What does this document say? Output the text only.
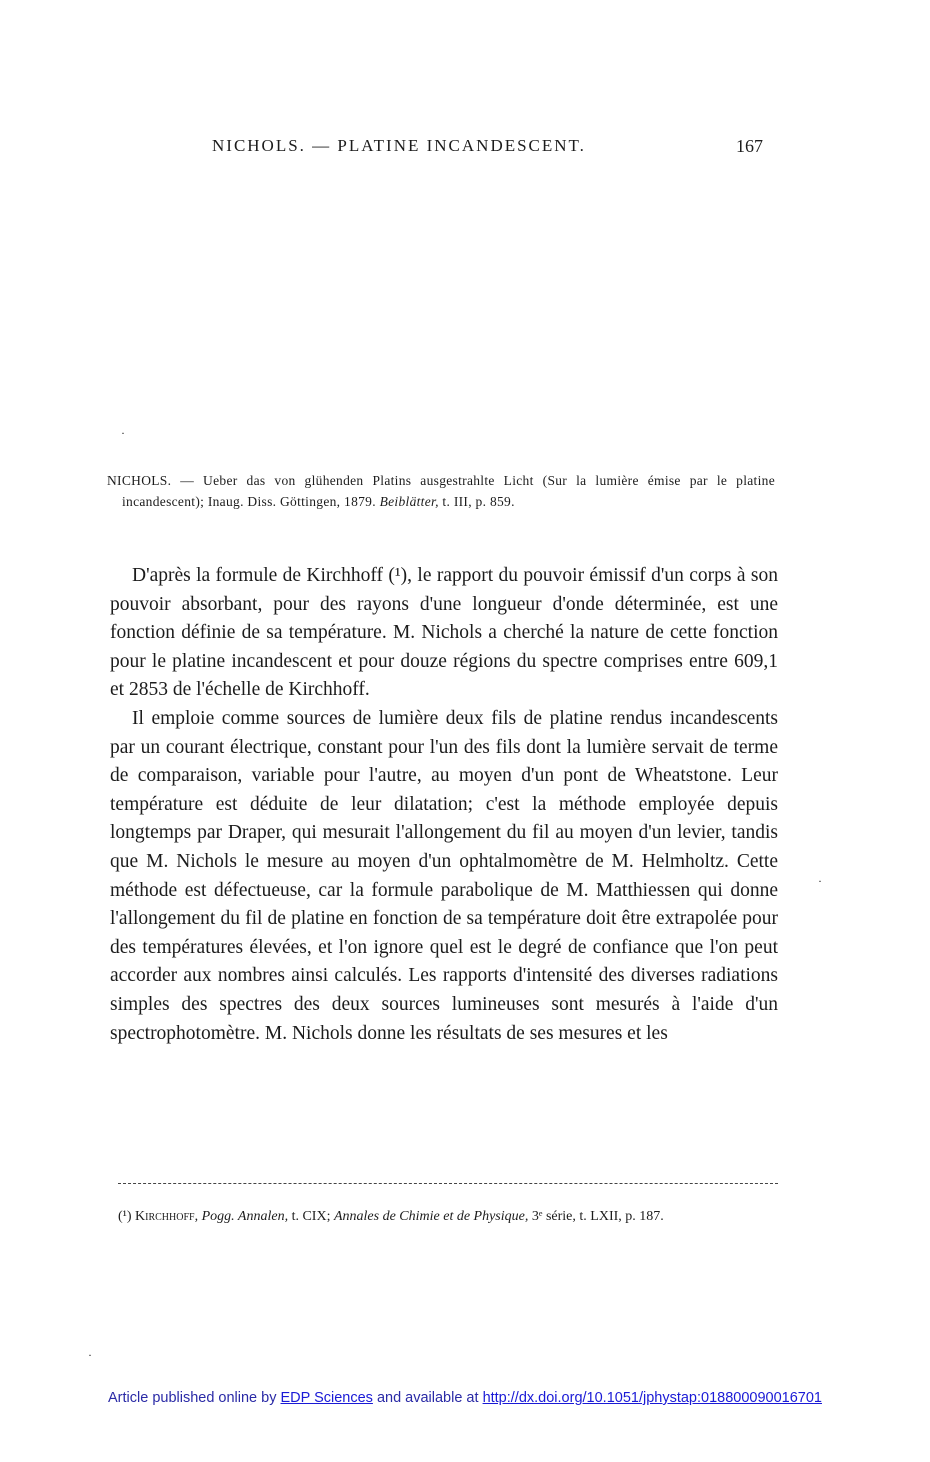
NICHOLS. — PLATINE INCANDESCENT.	167
·
NICHOLS. — Ueber das von glühenden Platins ausgestrahlte Licht (Sur la lumière émise par le platine incandescent); Inaug. Diss. Göttingen, 1879. Beiblätter, t. III, p. 859.

D'après la formule de Kirchhoff (¹), le rapport du pouvoir émissif d'un corps à son pouvoir absorbant, pour des rayons d'une longueur d'onde déterminée, est une fonction définie de sa température. M. Nichols a cherché la nature de cette fonction pour le platine incandescent et pour douze régions du spectre comprises entre 609,1 et 2853 de l'échelle de Kirchhoff.

Il emploie comme sources de lumière deux fils de platine rendus incandescents par un courant électrique, constant pour l'un des fils dont la lumière servait de terme de comparaison, variable pour l'autre, au moyen d'un pont de Wheatstone. Leur température est déduite de leur dilatation; c'est la méthode employée depuis longtemps par Draper, qui mesurait l'allongement du fil au moyen d'un levier, tandis que M. Nichols le mesure au moyen d'un ophtalmomètre de M. Helmholtz. Cette méthode est défectueuse, car la formule parabolique de M. Matthiessen qui donne l'allongement du fil de platine en fonction de sa température doit être extrapolée pour des températures élevées, et l'on ignore quel est le degré de confiance que l'on peut accorder aux nombres ainsi calculés. Les rapports d'intensité des diverses radiations simples des spectres des deux sources lumineuses sont mesurés à l'aide d'un spectrophotomètre. M. Nichols donne les résultats de ses mesures et les

·
(¹) Kirchhoff, Pogg. Annalen, t. CIX; Annales de Chimie et de Physique, 3ᵉ série, t. LXII, p. 187.
·
Article published online by EDP Sciences and available at http://dx.doi.org/10.1051/jphystap:018800090016701
